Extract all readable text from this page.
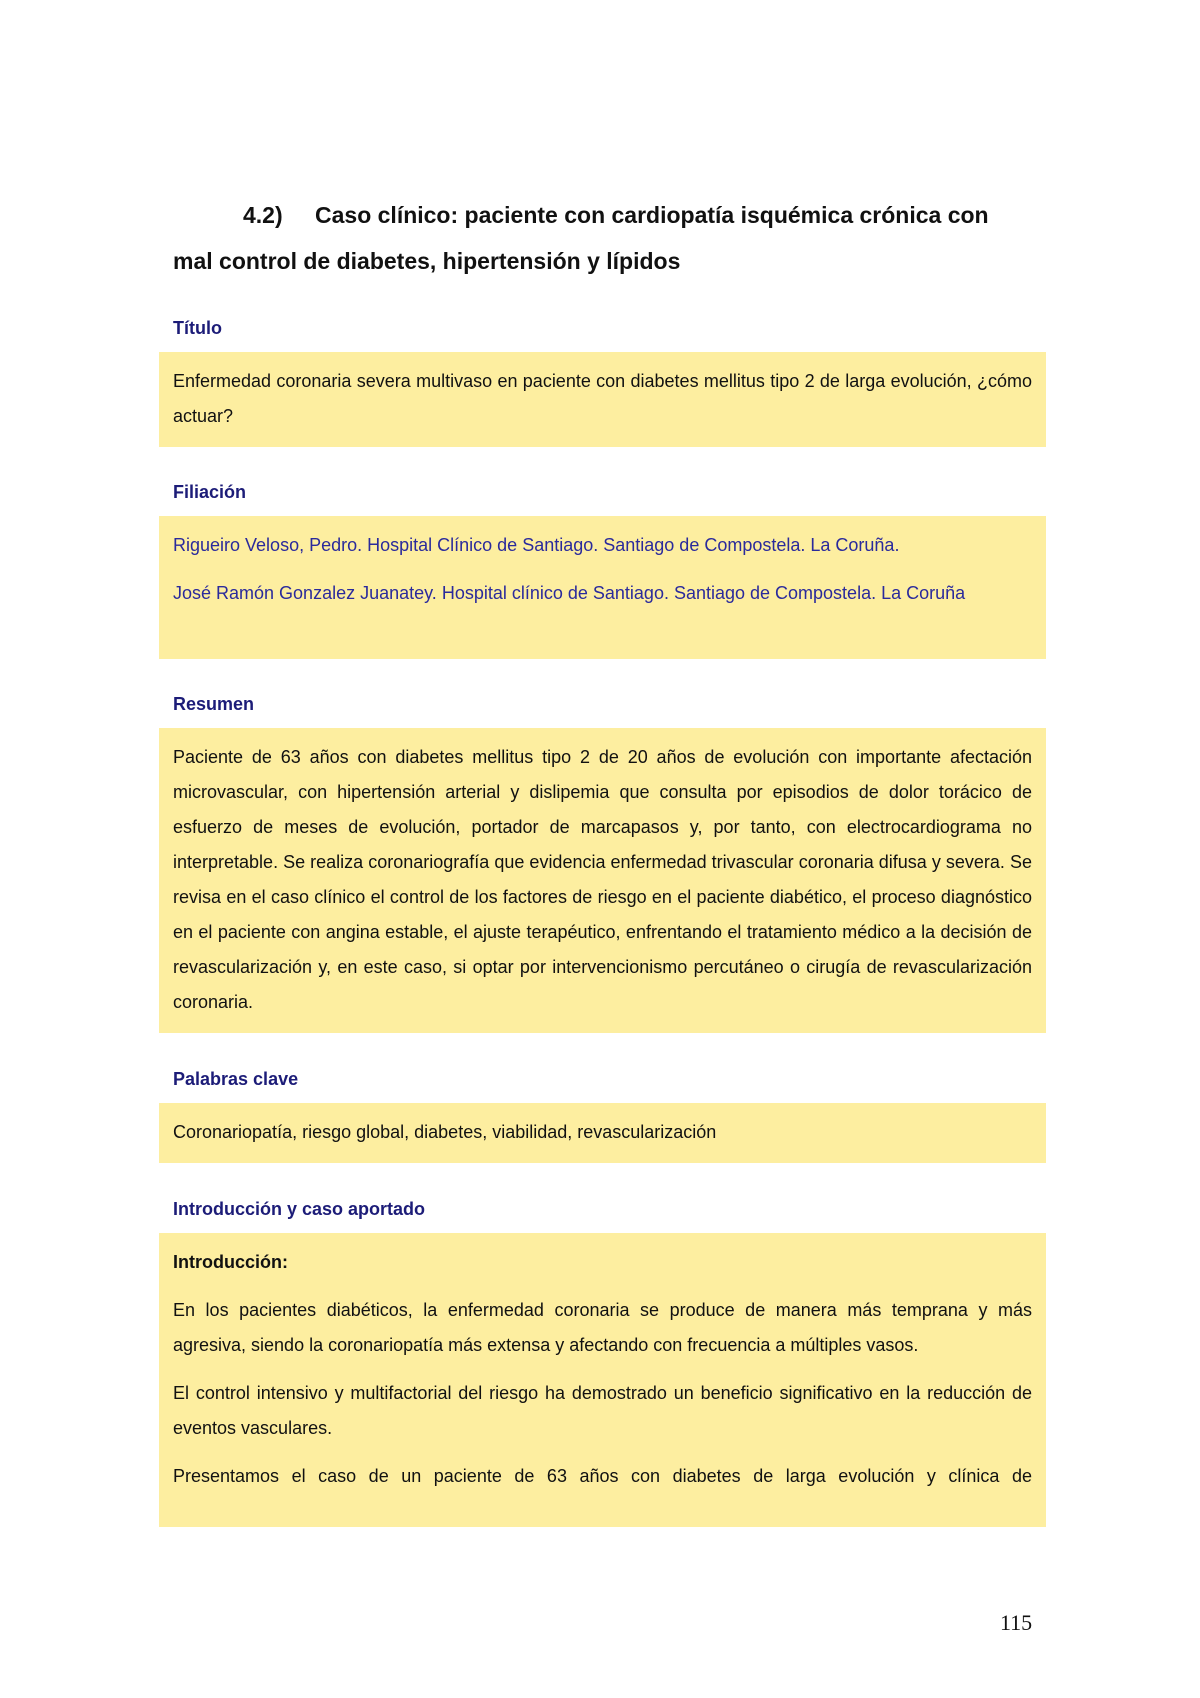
4.2) Caso clínico: paciente con cardiopatía isquémica crónica con
mal control de diabetes, hipertensión y lípidos
Título

Enfermedad coronaria severa multivaso en paciente con diabetes mellitus tipo 2 de larga evolución, ¿cómo actuar?

Filiación

Rigueiro Veloso, Pedro. Hospital Clínico de Santiago. Santiago de Compostela. La Coruña.

José Ramón Gonzalez Juanatey. Hospital clínico de Santiago. Santiago de Compostela. La Coruña

Resumen

Paciente de 63 años con diabetes mellitus tipo 2 de 20 años de evolución con importante afectación microvascular, con hipertensión arterial y dislipemia que consulta por episodios de dolor torácico de esfuerzo de meses de evolución, portador de marcapasos y, por tanto, con electrocardiograma no interpretable. Se realiza coronariografía que evidencia enfermedad trivascular coronaria difusa y severa. Se revisa en el caso clínico el control de los factores de riesgo en el paciente diabético, el proceso diagnóstico en el paciente con angina estable, el ajuste terapéutico, enfrentando el tratamiento médico a la decisión de revascularización y, en este caso, si optar por intervencionismo percutáneo o cirugía de revascularización coronaria.

Palabras clave

Coronariopatía, riesgo global, diabetes, viabilidad, revascularización

Introducción y caso aportado

Introducción:

En los pacientes diabéticos, la enfermedad coronaria se produce de manera más temprana y más agresiva, siendo la coronariopatía más extensa y afectando con frecuencia a múltiples vasos.

El control intensivo y multifactorial del riesgo ha demostrado un beneficio significativo en la reducción de eventos vasculares.

Presentamos el caso de un paciente de 63 años con diabetes de larga evolución y clínica de

115
